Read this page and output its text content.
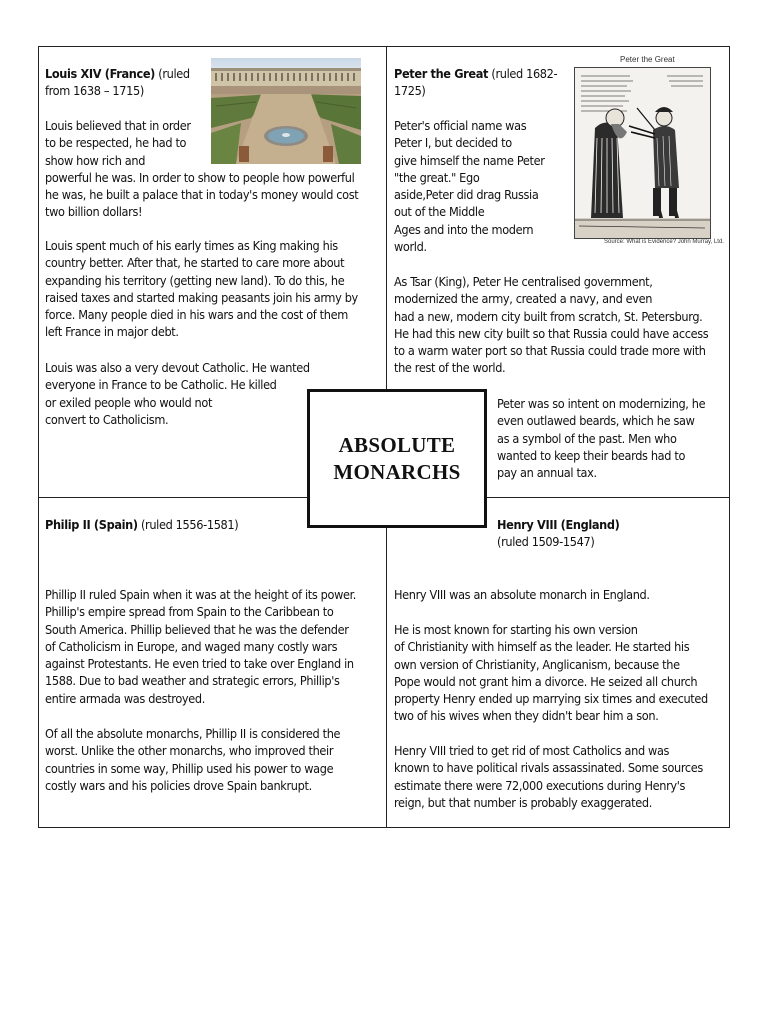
Louis XIV (France) (ruled
from 1638 – 1715)

Louis believed that in order
to be respected, he had to
show how rich and
powerful he was. In order to show to people how powerful
he was, he built a palace that in today's money would cost
two billion dollars!

Louis spent much of his early times as King making his
country better. After that, he started to care more about
expanding his territory (getting new land). To do this, he
raised taxes and started making peasants join his army by
force. Many people died in his wars and the cost of them
left France in major debt.

Louis was also a very devout Catholic. He wanted
everyone in France to be Catholic. He killed
or exiled people who would not
convert to Catholicism.

Peter the Great (ruled 1682-
1725)
Peter the Great
Source: What is Evidence? John Murray, Ltd.

Peter's official name was
Peter I, but decided to
give himself the name Peter
"the great." Ego
aside,Peter did drag Russia
out of the Middle
Ages and into the modern
world.

As Tsar (King), Peter He centralised government,
modernized the army, created a navy, and even
had a new, modern city built from scratch, St. Petersburg.
He had this new city built so that Russia could have access
to a warm water port so that Russia could trade more with
the rest of the world.

Peter was so intent on modernizing, he
even outlawed beards, which he saw
as a symbol of the past. Men who
wanted to keep their beards had to
pay an annual tax.

Philip II (Spain) (ruled 1556-1581)

Phillip II ruled Spain when it was at the height of its power.
Phillip's empire spread from Spain to the Caribbean to
South America. Phillip believed that he was the defender
of Catholicism in Europe, and waged many costly wars
against Protestants. He even tried to take over England in
1588. Due to bad weather and strategic errors, Phillip's
entire armada was destroyed.

Of all the absolute monarchs, Phillip II is considered the
worst. Unlike the other monarchs, who improved their
countries in some way, Phillip used his power to wage
costly wars and his policies drove Spain bankrupt.

Henry VIII (England)
(ruled 1509-1547)

Henry VIII was an absolute monarch in England.

He is most known for starting his own version
of Christianity with himself as the leader. He started his
own version of Christianity, Anglicanism, because the
Pope would not grant him a divorce. He seized all church
property Henry ended up marrying six times and executed
two of his wives when they didn't bear him a son.

Henry VIII tried to get rid of most Catholics and was
known to have political rivals assassinated. Some sources
estimate there were 72,000 executions during Henry's
reign, but that number is probably exaggerated.

ABSOLUTE
MONARCHS
